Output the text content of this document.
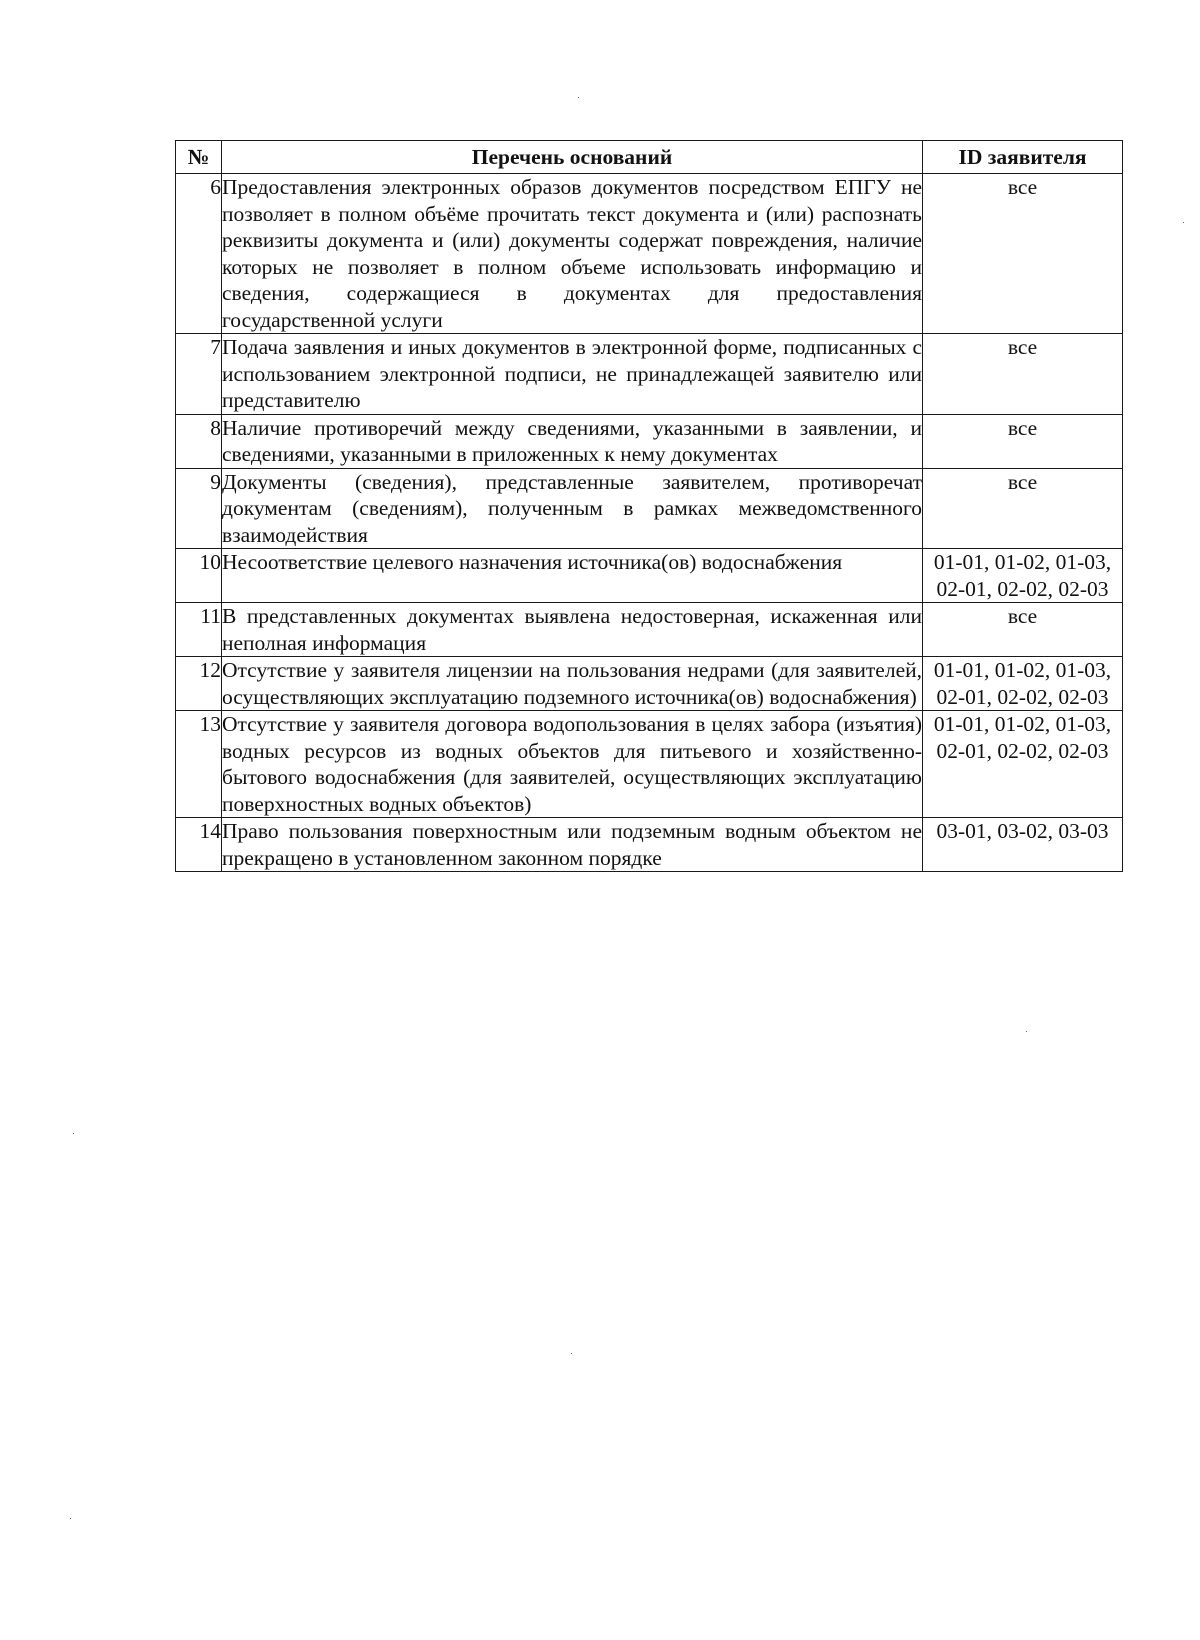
№	Перечень оснований	ID заявителя
6	Предоставления электронных образов документов посредством ЕПГУ не позволяет в полном объёме прочитать текст документа и (или) распознать реквизиты документа и (или) документы содержат повреждения, наличие которых не позволяет в полном объеме использовать информацию и сведения, содержащиеся в документах для предоставления государственной услуги	все
7	Подача заявления и иных документов в электронной форме, подписанных с использованием электронной подписи, не принадлежащей заявителю или представителю	все
8	Наличие противоречий между сведениями, указанными в заявлении, и сведениями, указанными в приложенных к нему документах	все
9	Документы (сведения), представленные заявителем, противоречат документам (сведениям), полученным в рамках межведомственного взаимодействия	все
10	Несоответствие целевого назначения источника(ов) водоснабжения	01-01, 01-02, 01-03, 02-01, 02-02, 02-03
11	В представленных документах выявлена недостоверная, искаженная или неполная информация	все
12	Отсутствие у заявителя лицензии на пользования недрами (для заявителей, осуществляющих эксплуатацию подземного источника(ов) водоснабжения)	01-01, 01-02, 01-03, 02-01, 02-02, 02-03
13	Отсутствие у заявителя договора водопользования в целях забора (изъятия) водных ресурсов из водных объектов для питьевого и хозяйственно-бытового водоснабжения (для заявителей, осуществляющих эксплуатацию поверхностных водных объектов)	01-01, 01-02, 01-03, 02-01, 02-02, 02-03
14	Право пользования поверхностным или подземным водным объектом не прекращено в установленном законном порядке	03-01, 03-02, 03-03
